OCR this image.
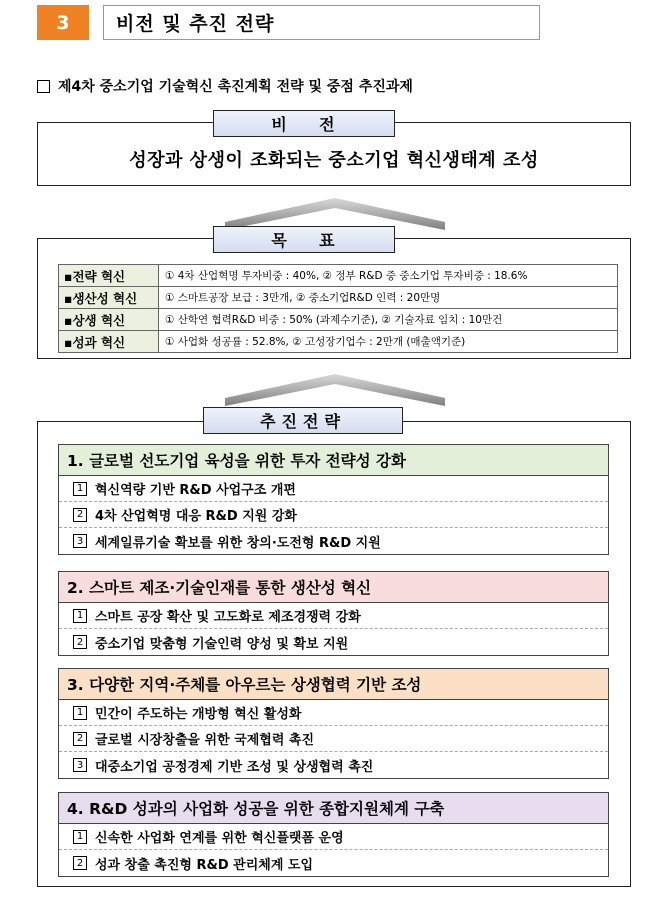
3	비전 및 추진 전략
제4차 중소기업 기술혁신 촉진계획 전략 및 중점 추진과제
비    전
성장과 상생이 조화되는 중소기업 혁신생태계 조성
목    표
▪전략 혁신	① 4차 산업혁명 투자비중 : 40%, ② 정부 R&D 중 중소기업 투자비중 : 18.6%
▪생산성 혁신	① 스마트공장 보급 : 3만개, ② 중소기업R&D 인력 : 20만명
▪상생 혁신	① 산학연 협력R&D 비중 : 50% (과제수기준), ② 기술자료 임치 : 10만건
▪성과 혁신	① 사업화 성공률 : 52.8%, ② 고성장기업수 : 2만개 (매출액기준)
추진전략
1. 글로벌 선도기업 육성을 위한 투자 전략성 강화
1 혁신역량 기반 R&D 사업구조 개편
2 4차 산업혁명 대응 R&D 지원 강화
3 세계일류기술 확보를 위한 창의·도전형 R&D 지원
2. 스마트 제조·기술인재를 통한 생산성 혁신
1 스마트 공장 확산 및 고도화로 제조경쟁력 강화
2 중소기업 맞춤형 기술인력 양성 및 확보 지원
3. 다양한 지역·주체를 아우르는 상생협력 기반 조성
1 민간이 주도하는 개방형 혁신 활성화
2 글로벌 시장창출을 위한 국제협력 촉진
3 대중소기업 공정경제 기반 조성 및 상생협력 촉진
4. R&D 성과의 사업화 성공을 위한 종합지원체계 구축
1 신속한 사업화 연계를 위한 혁신플랫폼 운영
2 성과 창출 촉진형 R&D 관리체계 도입
